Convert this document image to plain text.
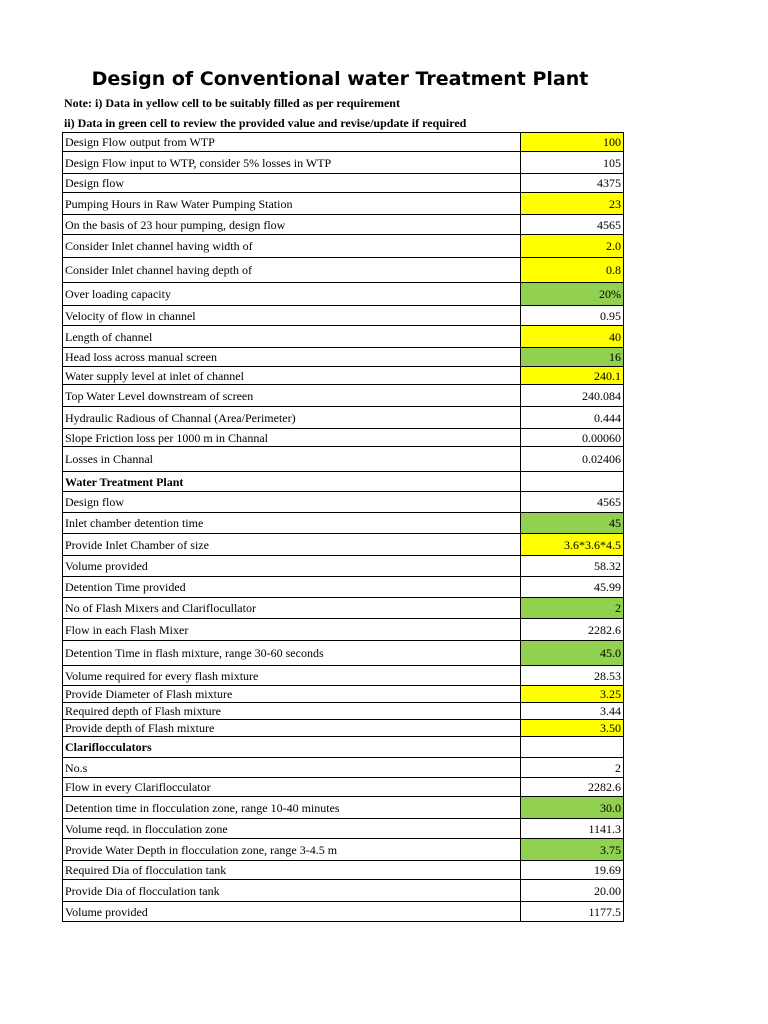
Design of Conventional water Treatment Plant
Note: i) Data in yellow cell to be suitably filled as per requirement
ii) Data in green cell to review the provided value and revise/update if required
Design Flow output from WTP	100
Design Flow input to WTP, consider 5% losses in WTP	105
Design flow	4375
Pumping Hours in Raw Water Pumping Station	23
On the basis of 23 hour pumping, design flow	4565
Consider Inlet channel having width of	2.0
Consider Inlet channel having depth of	0.8
Over loading capacity	20%
Velocity of flow in channel	0.95
Length of channel	40
Head loss across manual screen	16
Water supply level at inlet of channel	240.1
Top Water Level downstream of screen	240.084
Hydraulic Radious of Channal (Area/Perimeter)	0.444
Slope Friction loss per 1000 m in Channal	0.00060
Losses in Channal	0.02406
Water Treatment Plant	
Design flow	4565
Inlet chamber detention time	45
Provide Inlet Chamber of size	3.6*3.6*4.5
Volume provided	58.32
Detention Time provided	45.99
No of Flash Mixers and Clariflocullator	2
Flow in each Flash Mixer	2282.6
Detention Time in flash mixture, range 30-60 seconds	45.0
Volume required for every flash mixture	28.53
Provide Diameter of Flash mixture	3.25
Required depth of Flash mixture	3.44
Provide depth of Flash mixture	3.50
Clariflocculators	
No.s	2
Flow in every Clariflocculator	2282.6
Detention time in flocculation zone, range 10-40 minutes	30.0
Volume reqd. in flocculation zone	1141.3
Provide Water Depth in flocculation zone, range 3-4.5 m	3.75
Required Dia of flocculation tank	19.69
Provide Dia of flocculation tank	20.00
Volume provided	1177.5
